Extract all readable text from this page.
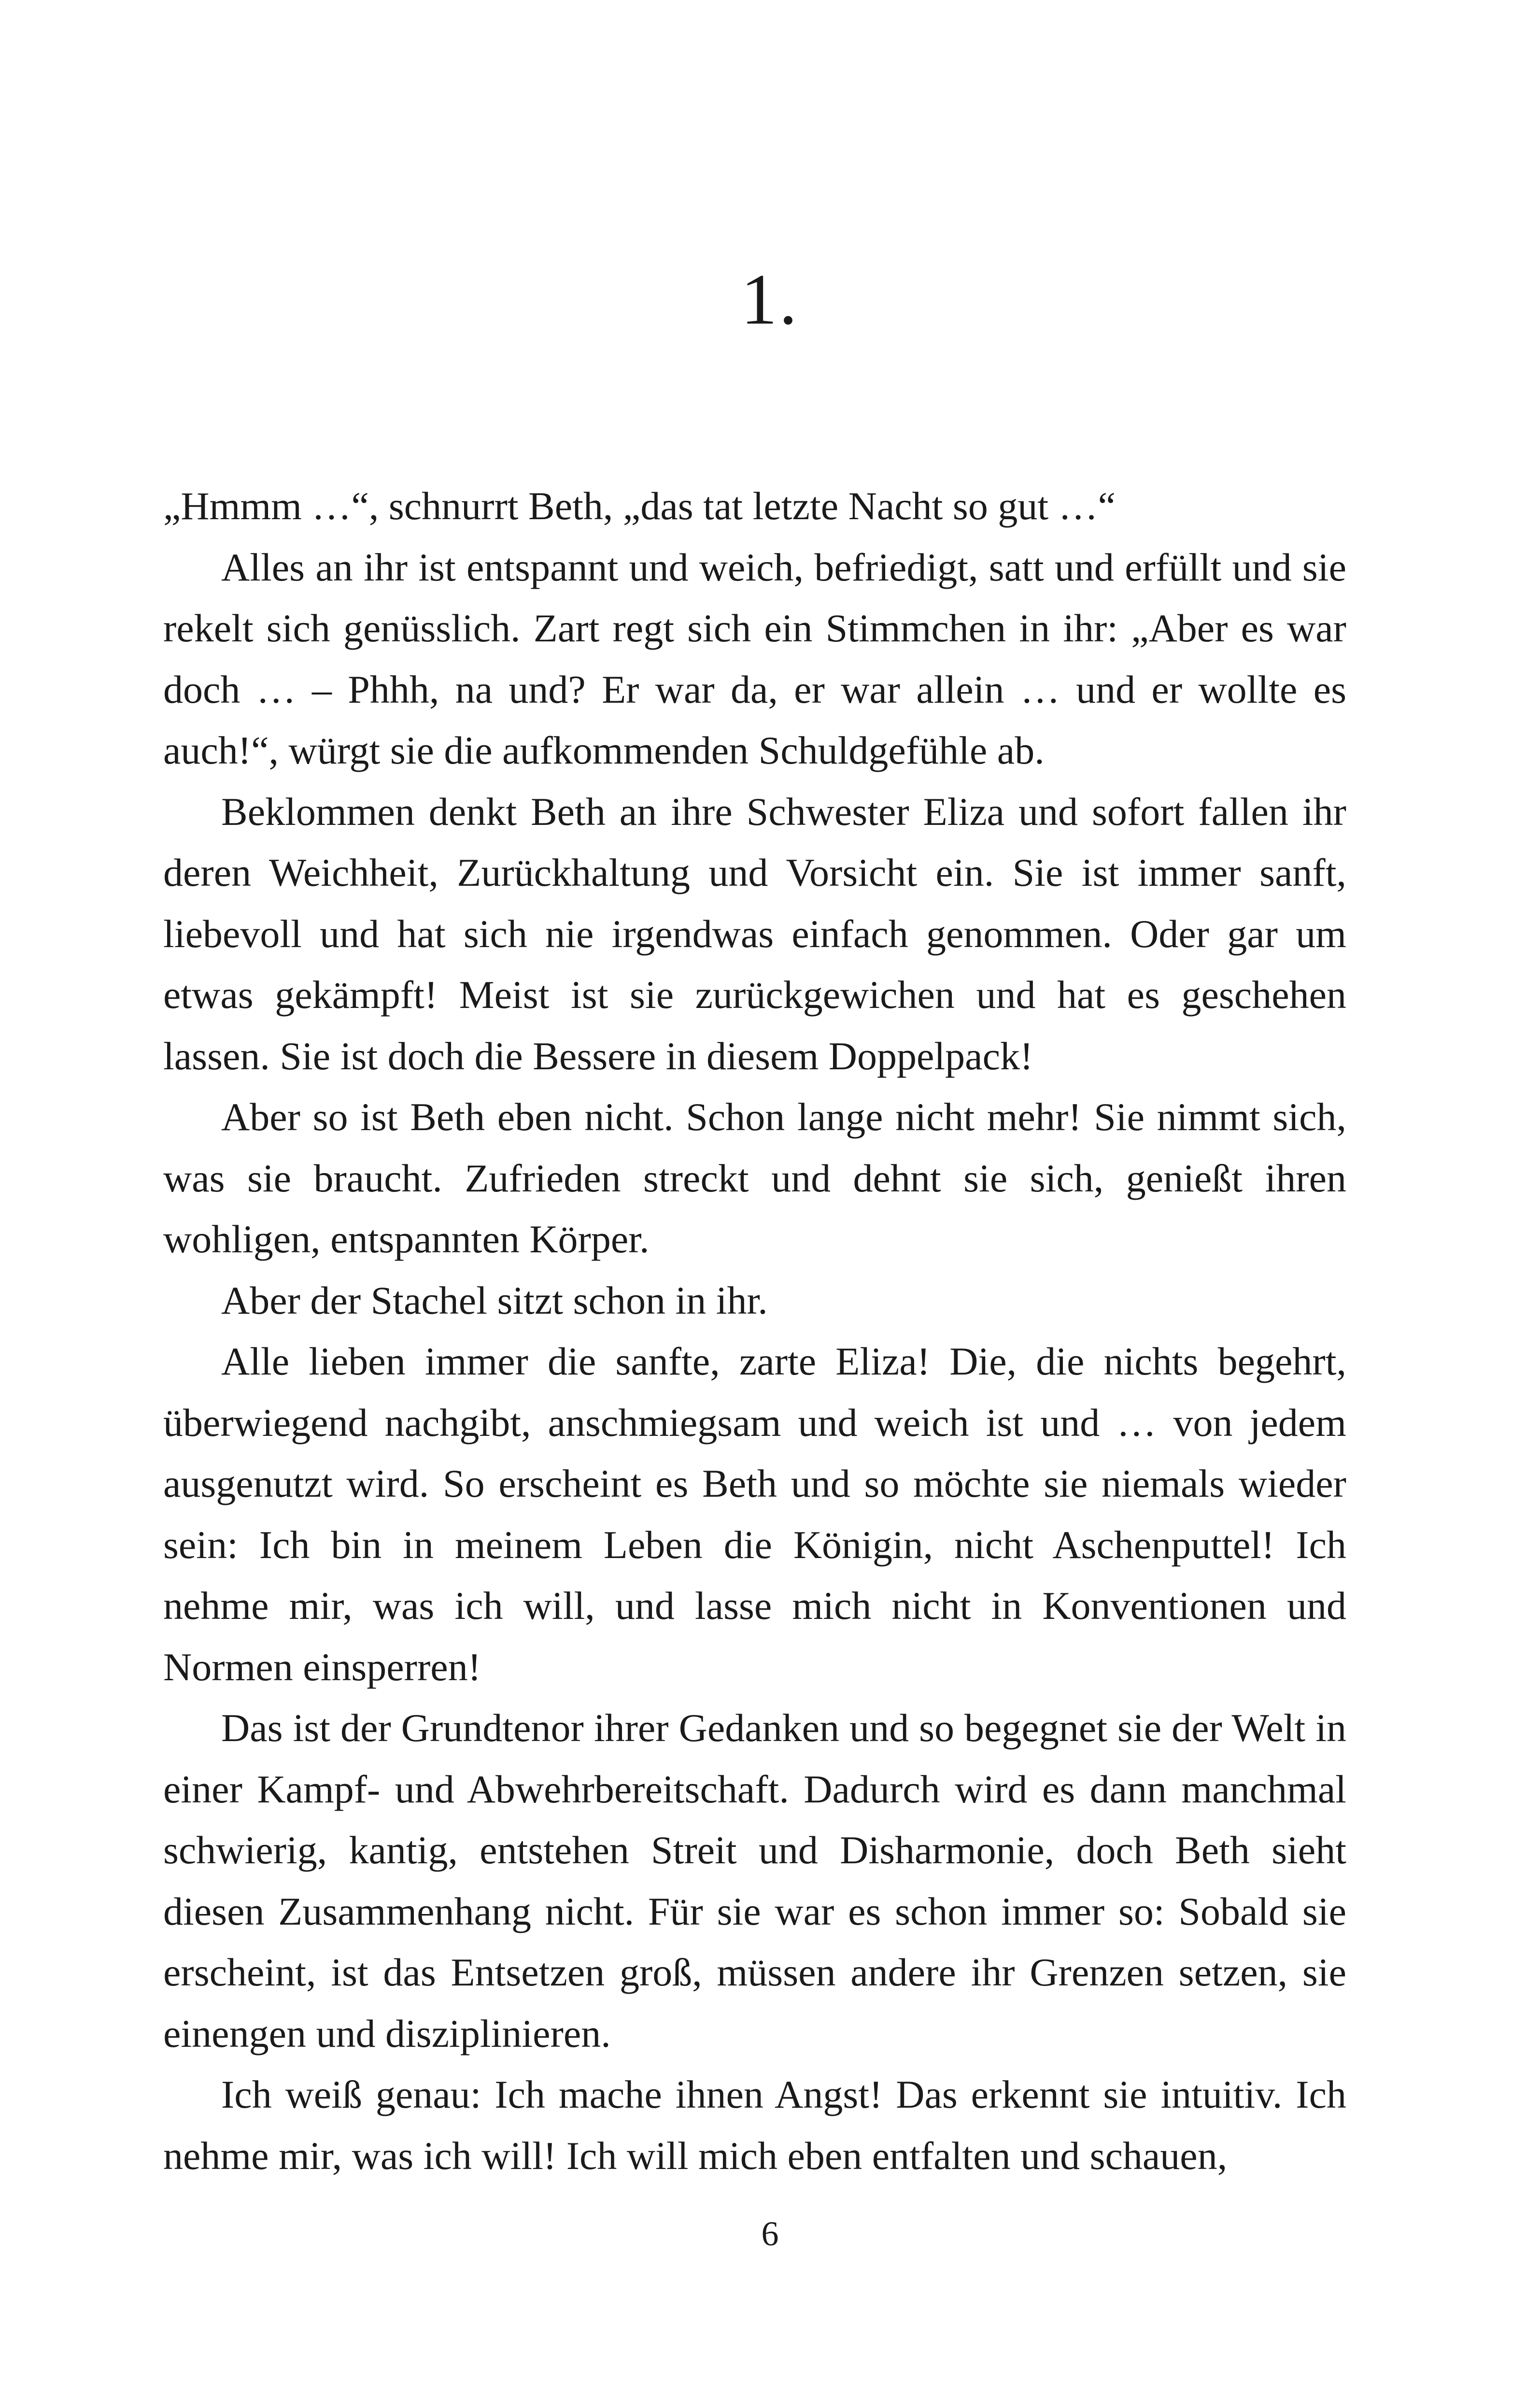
1.

„Hmmm …“, schnurrt Beth, „das tat letzte Nacht so gut …“

Alles an ihr ist entspannt und weich, befriedigt, satt und erfüllt und sie rekelt sich genüsslich. Zart regt sich ein Stimmchen in ihr: „Aber es war doch … – Phhh, na und? Er war da, er war allein … und er wollte es auch!“, würgt sie die aufkommenden Schuldgefühle ab.

Beklommen denkt Beth an ihre Schwester Eliza und sofort fallen ihr deren Weichheit, Zurückhaltung und Vorsicht ein. Sie ist immer sanft, liebevoll und hat sich nie irgendwas einfach genommen. Oder gar um etwas gekämpft! Meist ist sie zurückgewichen und hat es geschehen lassen. Sie ist doch die Bessere in diesem Doppelpack!

Aber so ist Beth eben nicht. Schon lange nicht mehr! Sie nimmt sich, was sie braucht. Zufrieden streckt und dehnt sie sich, genießt ihren wohligen, entspannten Körper.

Aber der Stachel sitzt schon in ihr.

Alle lieben immer die sanfte, zarte Eliza! Die, die nichts begehrt, überwiegend nachgibt, anschmiegsam und weich ist und … von jedem ausgenutzt wird. So erscheint es Beth und so möchte sie niemals wieder sein: Ich bin in meinem Leben die Königin, nicht Aschenputtel! Ich nehme mir, was ich will, und lasse mich nicht in Konventionen und Normen einsperren!

Das ist der Grundtenor ihrer Gedanken und so begegnet sie der Welt in einer Kampf- und Abwehrbereitschaft. Dadurch wird es dann manchmal schwierig, kantig, entstehen Streit und Disharmonie, doch Beth sieht diesen Zusammenhang nicht. Für sie war es schon immer so: Sobald sie erscheint, ist das Entsetzen groß, müssen andere ihr Grenzen setzen, sie einengen und disziplinieren.

Ich weiß genau: Ich mache ihnen Angst! Das erkennt sie intuitiv. Ich nehme mir, was ich will! Ich will mich eben entfalten und schauen,

6
